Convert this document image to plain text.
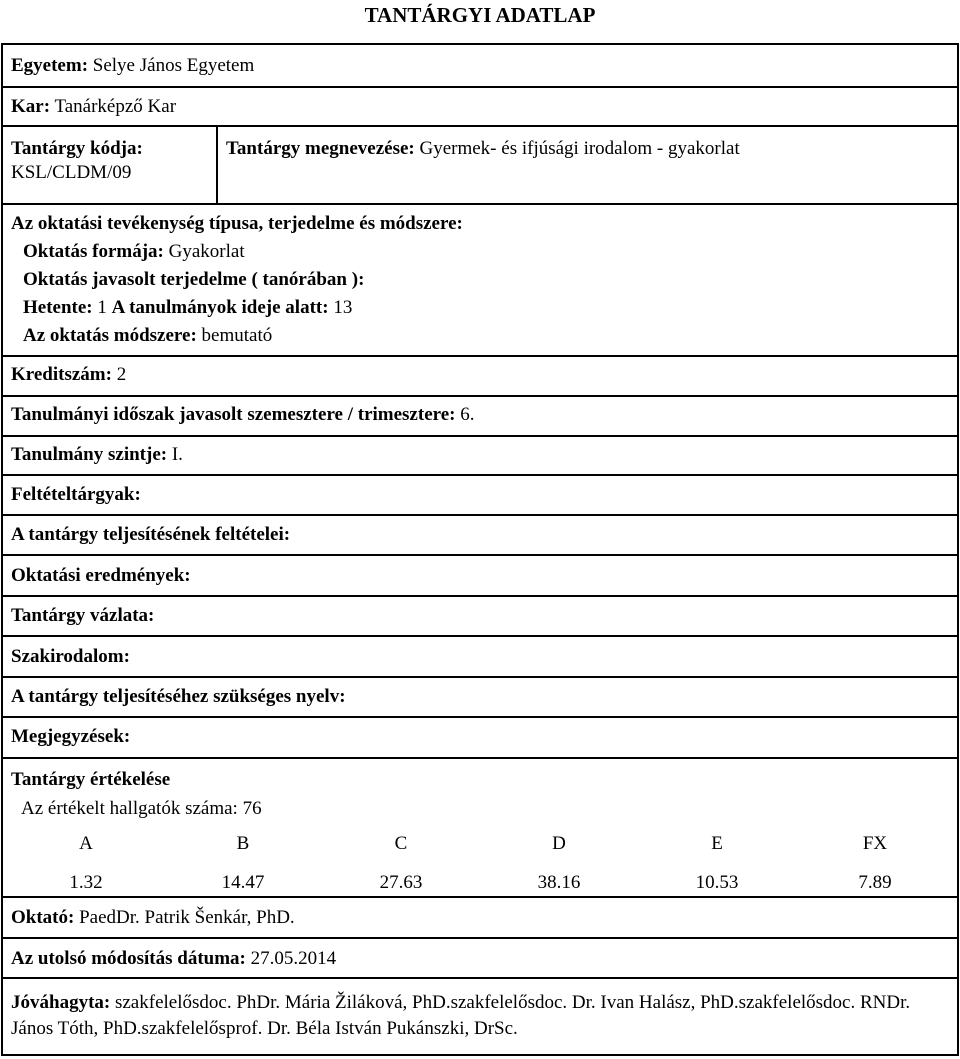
TANTÁRGYI ADATLAP
Egyetem: Selye János Egyetem
Kar: Tanárképző Kar
Tantárgy kódja:
KSL/CLDM/09
Tantárgy megnevezése: Gyermek- és ifjúsági irodalom - gyakorlat
Az oktatási tevékenység típusa, terjedelme és módszere:
Oktatás formája: Gyakorlat
Oktatás javasolt terjedelme ( tanórában ):
Hetente: 1 A tanulmányok ideje alatt: 13
Az oktatás módszere: bemutató
Kreditszám: 2
Tanulmányi időszak javasolt szemesztere / trimesztere: 6.
Tanulmány szintje: I.
Feltételtárgyak:
A tantárgy teljesítésének feltételei:
Oktatási eredmények:
Tantárgy vázlata:
Szakirodalom:
A tantárgy teljesítéséhez szükséges nyelv:
Megjegyzések:
Tantárgy értékelése
Az értékelt hallgatók száma: 76
A	B	C	D	E	FX
1.32	14.47	27.63	38.16	10.53	7.89
Oktató: PaedDr. Patrik Šenkár, PhD.
Az utolsó módosítás dátuma: 27.05.2014
Jóváhagyta: szakfelelősdoc. PhDr. Mária Žiláková, PhD.szakfelelősdoc. Dr. Ivan Halász, PhD.szakfelelősdoc. RNDr. János Tóth, PhD.szakfelelősprof. Dr. Béla István Pukánszki, DrSc.
